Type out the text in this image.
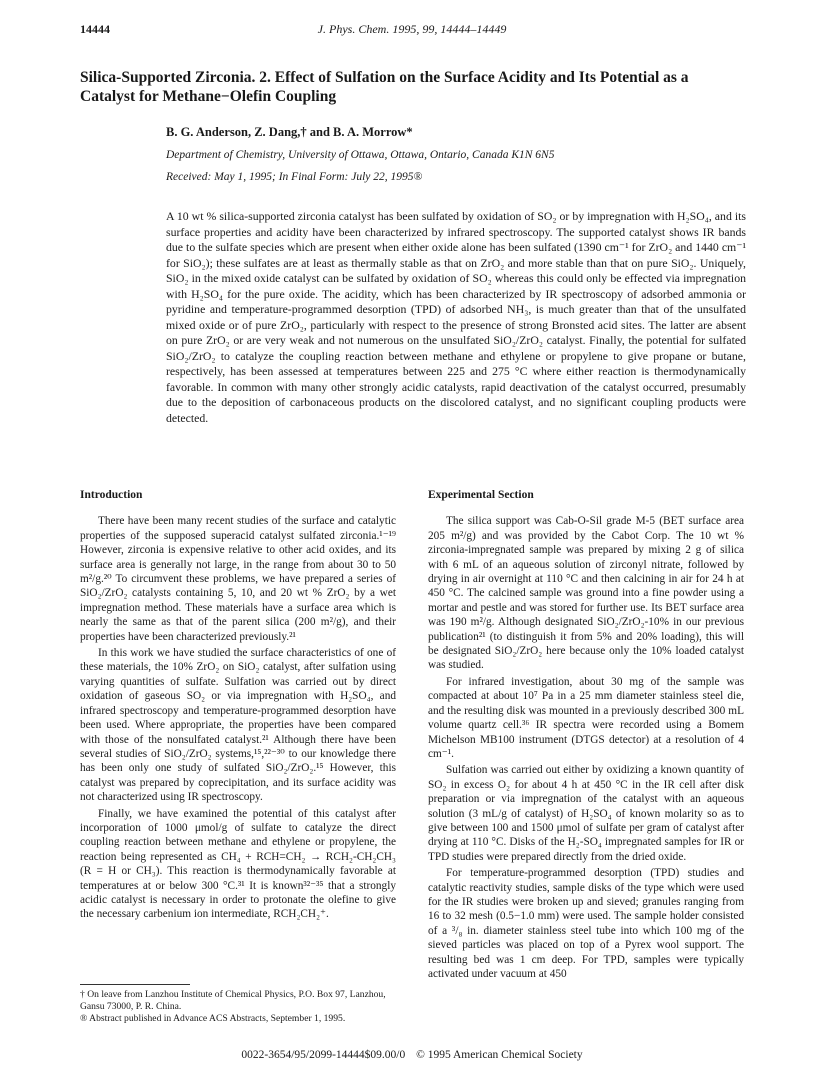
14444	J. Phys. Chem. 1995, 99, 14444–14449
Silica-Supported Zirconia. 2. Effect of Sulfation on the Surface Acidity and Its Potential as a Catalyst for Methane−Olefin Coupling
B. G. Anderson, Z. Dang,† and B. A. Morrow*
Department of Chemistry, University of Ottawa, Ottawa, Ontario, Canada K1N 6N5
Received: May 1, 1995; In Final Form: July 22, 1995®
A 10 wt % silica-supported zirconia catalyst has been sulfated by oxidation of SO₂ or by impregnation with H₂SO₄, and its surface properties and acidity have been characterized by infrared spectroscopy. The supported catalyst shows IR bands due to the sulfate species which are present when either oxide alone has been sulfated (1390 cm⁻¹ for ZrO₂ and 1440 cm⁻¹ for SiO₂); these sulfates are at least as thermally stable as that on ZrO₂ and more stable than that on pure SiO₂. Uniquely, SiO₂ in the mixed oxide catalyst can be sulfated by oxidation of SO₂ whereas this could only be effected via impregnation with H₂SO₄ for the pure oxide. The acidity, which has been characterized by IR spectroscopy of adsorbed ammonia or pyridine and temperature-programmed desorption (TPD) of adsorbed NH₃, is much greater than that of the unsulfated mixed oxide or of pure ZrO₂, particularly with respect to the presence of strong Bronsted acid sites. The latter are absent on pure ZrO₂ or are very weak and not numerous on the unsulfated SiO₂/ZrO₂ catalyst. Finally, the potential for sulfated SiO₂/ZrO₂ to catalyze the coupling reaction between methane and ethylene or propylene to give propane or butane, respectively, has been assessed at temperatures between 225 and 275 °C where either reaction is thermodynamically favorable. In common with many other strongly acidic catalysts, rapid deactivation of the catalyst occurred, presumably due to the deposition of carbonaceous products on the discolored catalyst, and no significant coupling products were detected.
Introduction

There have been many recent studies of the surface and catalytic properties of the supposed superacid catalyst sulfated zirconia.¹⁻¹⁹ However, zirconia is expensive relative to other acid oxides, and its surface area is generally not large, in the range from about 30 to 50 m²/g.²⁰ To circumvent these problems, we have prepared a series of SiO₂/ZrO₂ catalysts containing 5, 10, and 20 wt % ZrO₂ by a wet impregnation method. These materials have a surface area which is nearly the same as that of the parent silica (200 m²/g), and their properties have been characterized previously.²¹

In this work we have studied the surface characteristics of one of these materials, the 10% ZrO₂ on SiO₂ catalyst, after sulfation using varying quantities of sulfate. Sulfation was carried out by direct oxidation of gaseous SO₂ or via impregnation with H₂SO₄, and infrared spectroscopy and temperature-programmed desorption have been used. Where appropriate, the properties have been compared with those of the nonsulfated catalyst.²¹ Although there have been several studies of SiO₂/ZrO₂ systems,¹⁵,²²⁻³⁰ to our knowledge there has been only one study of sulfated SiO₂/ZrO₂.¹⁵ However, this catalyst was prepared by coprecipitation, and its surface acidity was not characterized using IR spectroscopy.

Finally, we have examined the potential of this catalyst after incorporation of 1000 μmol/g of sulfate to catalyze the direct coupling reaction between methane and ethylene or propylene, the reaction being represented as CH₄ + RCH=CH₂ → RCH₂-CH₂CH₃ (R = H or CH₃). This reaction is thermodynamically favorable at temperatures at or below 300 °C.³¹ It is known³²⁻³⁵ that a strongly acidic catalyst is necessary in order to protonate the olefine to give the necessary carbenium ion intermediate, RCH₂CH₂⁺.

† On leave from Lanzhou Institute of Chemical Physics, P.O. Box 97, Lanzhou, Gansu 73000, P. R. China.
® Abstract published in Advance ACS Abstracts, September 1, 1995.
Experimental Section

The silica support was Cab-O-Sil grade M-5 (BET surface area 205 m²/g) and was provided by the Cabot Corp. The 10 wt % zirconia-impregnated sample was prepared by mixing 2 g of silica with 6 mL of an aqueous solution of zirconyl nitrate, followed by drying in air overnight at 110 °C and then calcining in air for 24 h at 450 °C. The calcined sample was ground into a fine powder using a mortar and pestle and was stored for further use. Its BET surface area was 190 m²/g. Although designated SiO₂/ZrO₂-10% in our previous publication²¹ (to distinguish it from 5% and 20% loading), this will be designated SiO₂/ZrO₂ here because only the 10% loaded catalyst was studied.

For infrared investigation, about 30 mg of the sample was compacted at about 10⁷ Pa in a 25 mm diameter stainless steel die, and the resulting disk was mounted in a previously described 300 mL volume quartz cell.³⁶ IR spectra were recorded using a Bomem Michelson MB100 instrument (DTGS detector) at a resolution of 4 cm⁻¹.

Sulfation was carried out either by oxidizing a known quantity of SO₂ in excess O₂ for about 4 h at 450 °C in the IR cell after disk preparation or via impregnation of the catalyst with an aqueous solution (3 mL/g of catalyst) of H₂SO₄ of known molarity so as to give between 100 and 1500 μmol of sulfate per gram of catalyst after drying at 110 °C. Disks of the H₂-SO₄ impregnated samples for IR or TPD studies were prepared directly from the dried oxide.

For temperature-programmed desorption (TPD) studies and catalytic reactivity studies, sample disks of the type which were used for the IR studies were broken up and sieved; granules ranging from 16 to 32 mesh (0.5−1.0 mm) were used. The sample holder consisted of a ³/₈ in. diameter stainless steel tube into which 100 mg of the sieved particles was placed on top of a Pyrex wool support. The resulting bed was 1 cm deep. For TPD, samples were typically activated under vacuum at 450

0022-3654/95/2099-14444$09.00/0 © 1995 American Chemical Society
